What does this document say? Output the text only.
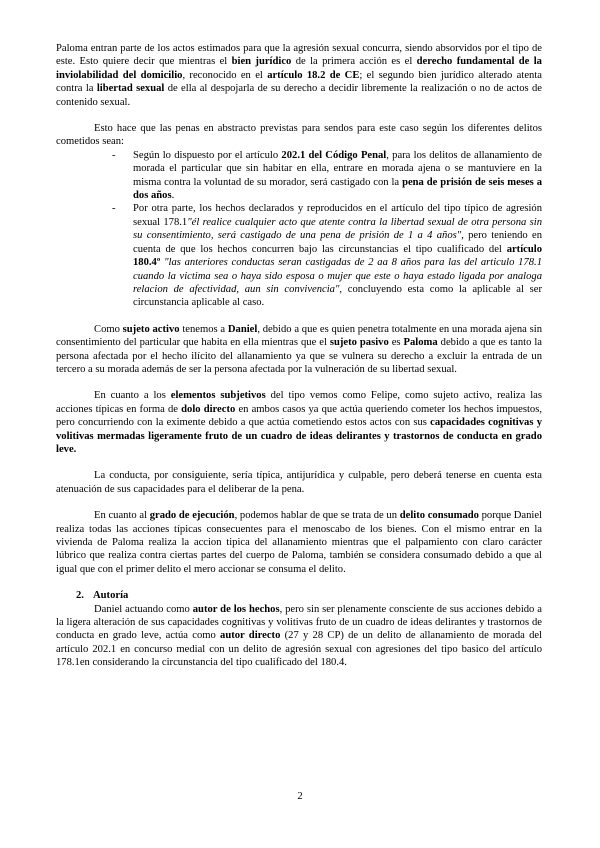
Paloma entran parte de los actos estimados para que la agresión sexual concurra, siendo absorvidos por el tipo de este. Esto quiere decir que mientras el bien jurídico de la primera acción es el derecho fundamental de la inviolabilidad del domicilio, reconocido en el artículo 18.2 de CE; el segundo bien jurídico alterado atenta contra la libertad sexual de ella al despojarla de su derecho a decidir libremente la realización o no de actos de contenido sexual.

Esto hace que las penas en abstracto previstas para sendos para este caso según los diferentes delitos cometidos sean:

- Según lo dispuesto por el artículo 202.1 del Código Penal, para los delitos de allanamiento de morada el particular que sin habitar en ella, entrare en morada ajena o se mantuviere en la misma contra la voluntad de su morador, será castigado con la pena de prisión de seis meses a dos años.
- Por otra parte, los hechos declarados y reproducidos en el artículo del tipo típico de agresión sexual 178.1"él realice cualquier acto que atente contra la libertad sexual de otra persona sin su consentimiento, será castigado de una pena de prisión de 1 a 4 años", pero teniendo en cuenta de que los hechos concurren bajo las circunstancias el tipo cualificado del artículo 180.4º "las anteriores conductas seran castigadas de 2 aa 8 años para las del articulo 178.1 cuando la victima sea o haya sido esposa o mujer que este o haya estado ligada por analoga relacion de afectividad, aun sin convivencia", concluyendo esta como la aplicable al ser circunstancia aplicable al caso.

Como sujeto activo tenemos a Daniel, debido a que es quien penetra totalmente en una morada ajena sin consentimiento del particular que habita en ella mientras que el sujeto pasivo es Paloma debido a que es tanto la persona afectada por el hecho ilícito del allanamiento ya que se vulnera su derecho a excluir la entrada de un tercero a su morada además de ser la persona afectada por la vulneración de su libertad sexual.

En cuanto a los elementos subjetivos del tipo vemos como Felipe, como sujeto activo, realiza las acciones típicas en forma de dolo directo en ambos casos ya que actúa queriendo cometer los hechos impuestos, pero concurriendo con la eximente debido a que actúa cometiendo estos actos con sus capacidades cognitivas y volitivas mermadas ligeramente fruto de un cuadro de ideas delirantes y trastornos de conducta en grado leve.

La conducta, por consiguiente, sería típica, antijurídica y culpable, pero deberá tenerse en cuenta esta atenuación de sus capacidades para el deliberar de la pena.

En cuanto al grado de ejecución, podemos hablar de que se trata de un delito consumado porque Daniel realiza todas las acciones típicas consecuentes para el menoscabo de los bienes. Con el mismo entrar en la vivienda de Paloma realiza la accion tipica del allanamiento mientras que el palpamiento con claro carácter lúbrico que realiza contra ciertas partes del cuerpo de Paloma, también se considera consumado debido a que al igual que con el primer delito el mero accionar se consuma el delito.

2. Autoría

Daniel actuando como autor de los hechos, pero sin ser plenamente consciente de sus acciones debido a la ligera alteración de sus capacidades cognitivas y volitivas fruto de un cuadro de ideas delirantes y trastornos de conducta en grado leve, actúa como autor directo (27 y 28 CP) de un delito de allanamiento de morada del artículo 202.1 en concurso medial con un delito de agresión sexual con agresiones del tipo basico del artículo 178.1en considerando la circunstancia del tipo cualificado del 180.4.

2
